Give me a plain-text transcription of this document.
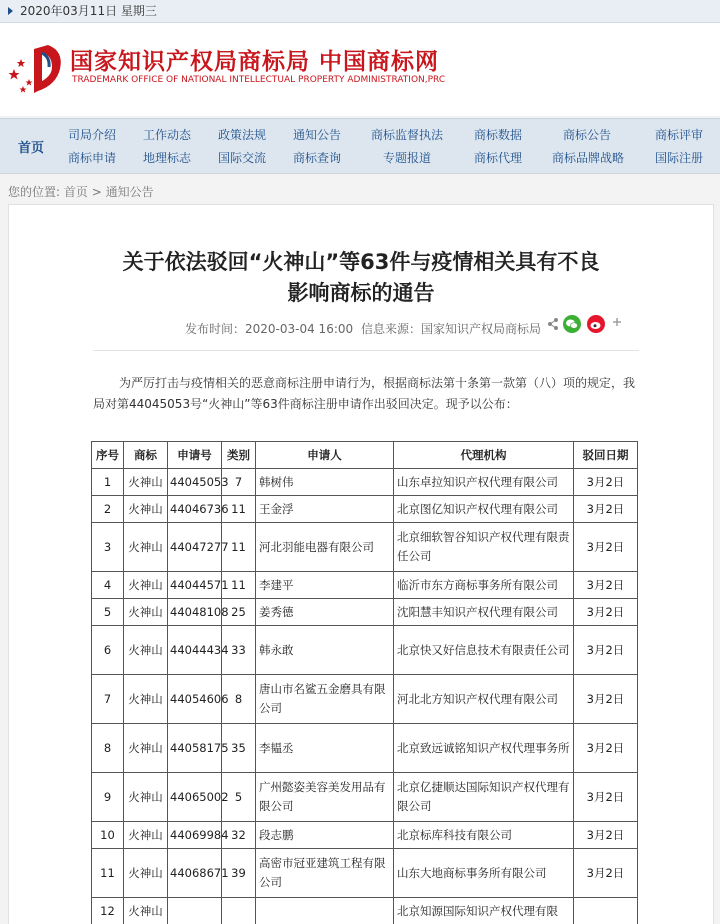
2020年03月11日 星期三
国家知识产权局商标局 中国商标网
TRADEMARK OFFICE OF NATIONAL INTELLECTUAL PROPERTY ADMINISTRATION,PRC
首页
司局介绍 工作动态 政策法规 通知公告 商标监督执法	商标数据	商标公告	商标评审
商标申请 地理标志 国际交流 商标查询	专题报道	商标代理 商标品牌战略	国际注册
您的位置: 首页 > 通知公告
关于依法驳回“火神山”等63件与疫情相关具有不良
影响商标的通告
发布时间：2020-03-04 16:00 信息来源：国家知识产权局商标局
为严厉打击与疫情相关的恶意商标注册申请行为，根据商标法第十条第一款第（八）项的规定，我局对第44045053号“火神山”等63件商标注册申请作出驳回决定。现予以公布：
序号	商标	申请号	类别	申请人	代理机构	驳回日期
1	火神山	44045053	7	韩树伟	山东卓拉知识产权代理有限公司	3月2日
2	火神山	44046736	11	王金浮	北京图亿知识产权代理有限公司	3月2日
3	火神山	44047277	11	河北羽能电器有限公司	北京细软智谷知识产权代理有限责任公司	3月2日
4	火神山	44044571	11	李建平	临沂市东方商标事务所有限公司	3月2日
5	火神山	44048108	25	姜秀德	沈阳慧丰知识产权代理有限公司	3月2日
6	火神山	44044434	33	韩永敢	北京快又好信息技术有限责任公司	3月2日
7	火神山	44054606	8	唐山市名鲨五金磨具有限公司	河北北方知识产权代理有限公司	3月2日
8	火神山	44058175	35	李韫丞	北京致远诚铭知识产权代理事务所	3月2日
9	火神山	44065002	5	广州懿姿美容美发用品有限公司	北京亿捷顺达国际知识产权代理有限公司	3月2日
10	火神山	44069984	32	段志鹏	北京标库科技有限公司	3月2日
11	火神山	44068671	39	高密市冠亚建筑工程有限公司	山东大地商标事务所有限公司	3月2日
12	火神山				北京知源国际知识产权代理有限	
